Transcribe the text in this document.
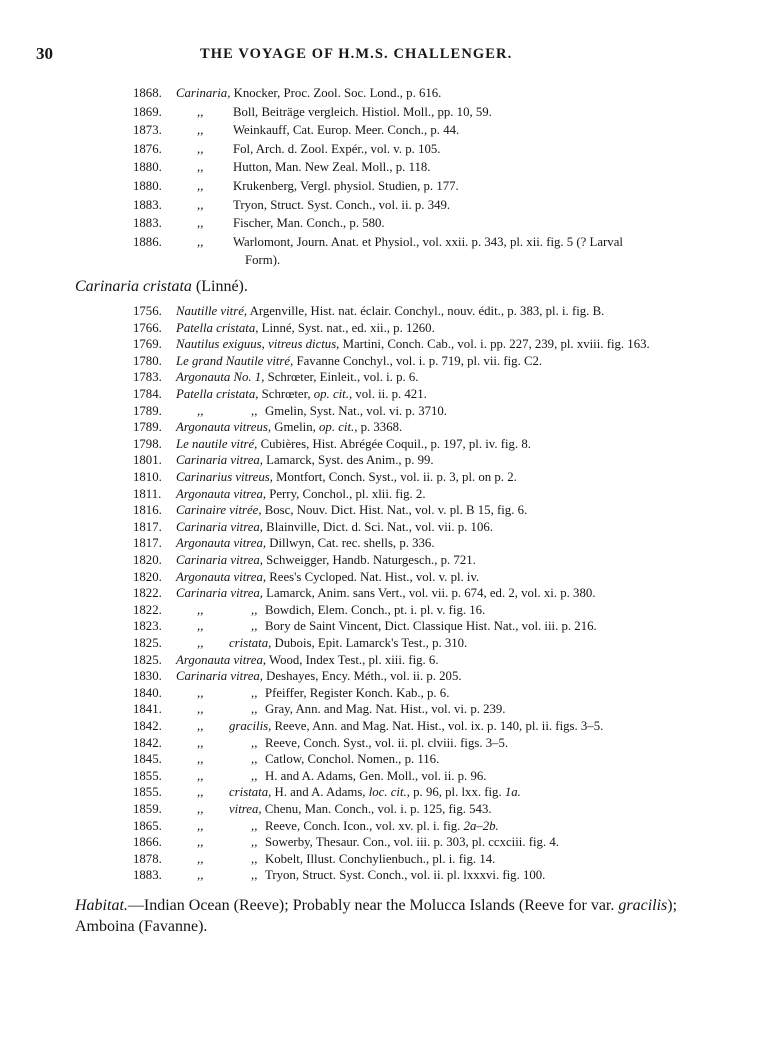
30	THE VOYAGE OF H.M.S. CHALLENGER.
1868. Carinaria, Knocker, Proc. Zool. Soc. Lond., p. 616.
1869.	,, Boll, Beiträge vergleich. Histiol. Moll., pp. 10, 59.
1873.	,, Weinkauff, Cat. Europ. Meer. Conch., p. 44.
1876.	,, Fol, Arch. d. Zool. Expér., vol. v. p. 105.
1880.	,, Hutton, Man. New Zeal. Moll., p. 118.
1880.	,, Krukenberg, Vergl. physiol. Studien, p. 177.
1883.	,, Tryon, Struct. Syst. Conch., vol. ii. p. 349.
1883.	,, Fischer, Man. Conch., p. 580.
1886.	,, Warlomont, Journ. Anat. et Physiol., vol. xxii. p. 343, pl. xii. fig. 5 (? Larval
Form).
1756. Nautille vitré, Argenville, Hist. nat. éclair. Conchyl., nouv. édit., p. 383, pl. i. fig. B.
1766. Patella cristata, Linné, Syst. nat., ed. xii., p. 1260.
1769. Nautilus exiguus, vitreus dictus, Martini, Conch. Cab., vol. i. pp. 227, 239, pl. xviii. fig. 163.
1780. Le grand Nautile vitré, Favanne Conchyl., vol. i. p. 719, pl. vii. fig. C2.
1783. Argonauta No. 1, Schrœter, Einleit., vol. i. p. 6.
1784. Patella cristata, Schrœter, op. cit., vol. ii. p. 421.
1789.	,,	,, Gmelin, Syst. Nat., vol. vi. p. 3710.
1789. Argonauta vitreus, Gmelin, op. cit., p. 3368.
1798. Le nautile vitré, Cubières, Hist. Abrégée Coquil., p. 197, pl. iv. fig. 8.
1801. Carinaria vitrea, Lamarck, Syst. des Anim., p. 99.
1810. Carinarius vitreus, Montfort, Conch. Syst., vol. ii. p. 3, pl. on p. 2.
1811. Argonauta vitrea, Perry, Conchol., pl. xlii. fig. 2.
1816. Carinaire vitrée, Bosc, Nouv. Dict. Hist. Nat., vol. v. pl. B 15, fig. 6.
1817. Carinaria vitrea, Blainville, Dict. d. Sci. Nat., vol. vii. p. 106.
1817. Argonauta vitrea, Dillwyn, Cat. rec. shells, p. 336.
1820. Carinaria vitrea, Schweigger, Handb. Naturgesch., p. 721.
1820. Argonauta vitrea, Rees's Cycloped. Nat. Hist., vol. v. pl. iv.
1822. Carinaria vitrea, Lamarck, Anim. sans Vert., vol. vii. p. 674, ed. 2, vol. xi. p. 380.
1822.	,,	,, Bowdich, Elem. Conch., pt. i. pl. v. fig. 16.
1823.	,,	,, Bory de Saint Vincent, Dict. Classique Hist. Nat., vol. iii. p. 216.
1825.	,, cristata, Dubois, Epit. Lamarck's Test., p. 310.
1825. Argonauta vitrea, Wood, Index Test., pl. xiii. fig. 6.
1830. Carinaria vitrea, Deshayes, Ency. Méth., vol. ii. p. 205.
1840.	,,	,, Pfeiffer, Register Konch. Kab., p. 6.
1841.	,,	,, Gray, Ann. and Mag. Nat. Hist., vol. vi. p. 239.
1842.	,, gracilis, Reeve, Ann. and Mag. Nat. Hist., vol. ix. p. 140, pl. ii. figs. 3–5.
1842.	,,	,, Reeve, Conch. Syst., vol. ii. pl. clviii. figs. 3–5.
1845.	,,	,, Catlow, Conchol. Nomen., p. 116.
1855.	,,	,, H. and A. Adams, Gen. Moll., vol. ii. p. 96.
1855.	,, cristata, H. and A. Adams, loc. cit., p. 96, pl. lxx. fig. 1a.
1859.	,, vitrea, Chenu, Man. Conch., vol. i. p. 125, fig. 543.
1865.	,,	,, Reeve, Conch. Icon., vol. xv. pl. i. fig. 2a–2b.
1866.	,,	,, Sowerby, Thesaur. Con., vol. iii. p. 303, pl. ccxciii. fig. 4.
1878.	,,	,, Kobelt, Illust. Conchylienbuch., pl. i. fig. 14.
1883.	,,	,, Tryon, Struct. Syst. Conch., vol. ii. pl. lxxxvi. fig. 100.
Carinaria cristata (Linné).
Habitat.—Indian Ocean (Reeve); Probably near the Molucca Islands (Reeve for var. gracilis); Amboina (Favanne).
